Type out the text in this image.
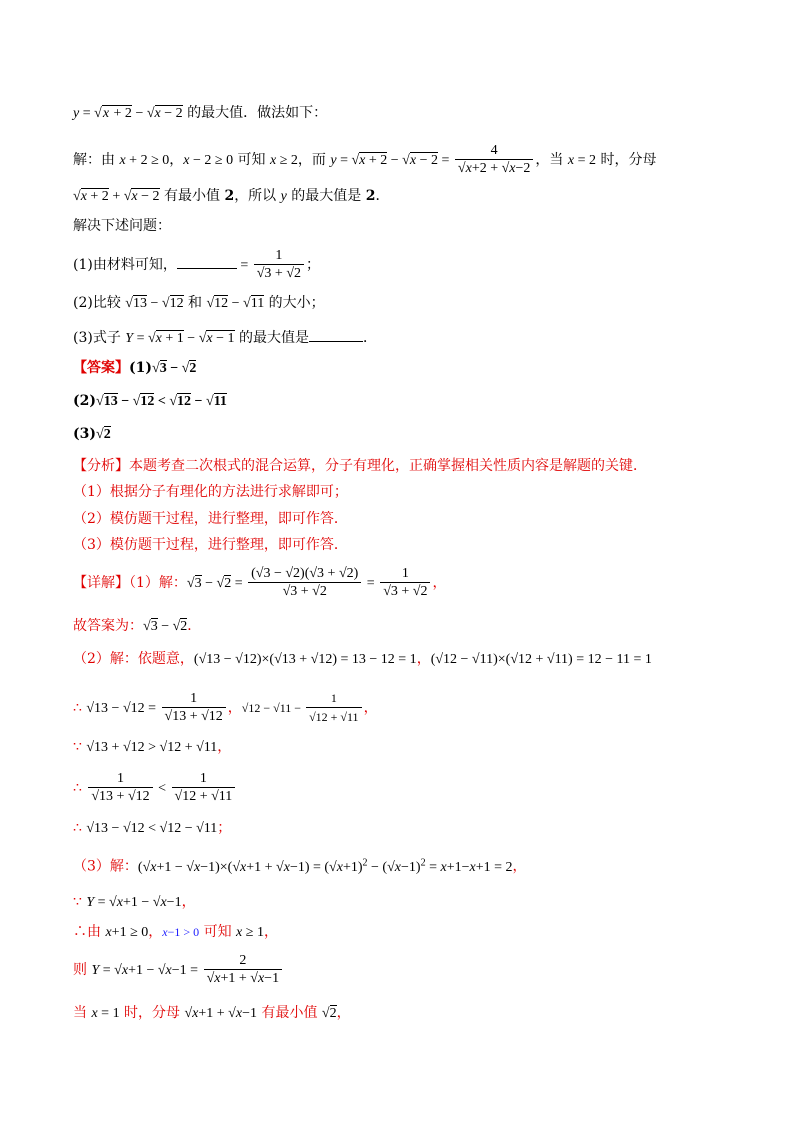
y = √x + 2 − √x − 2 的最大值．做法如下：
解：由 x + 2 ≥ 0，x − 2 ≥ 0 可知 x ≥ 2，而 $y = √x + 2 - √x - 2 = \frac{4}{√x+2 + √x-2}$ ，当 x = 2 时，分母
√x + 2 + √x − 2 有最小值 2，所以 y 的最大值是 2．
解决下述问题：
(1)由材料可知，	= $\frac{1}{√3 + √2}$ ；
(2)比较 √13 − √12 和 √12 − √11 的大小；
(3)式子 Y = √x + 1 − √x − 1 的最大值是	．
【答案】(1)√3 − √2
(2)√13 − √12 < √12 − √11
(3)√2
【分析】本题考查二次根式的混合运算，分子有理化，正确掌握相关性质内容是解题的关键．
（1）根据分子有理化的方法进行求解即可；
（2）模仿题干过程，进行整理，即可作答．
（3）模仿题干过程，进行整理，即可作答．
【详解】（1）解：$√3 - √2 = \frac{(√3 - √2)(√3 + √2)}{√3 + √2} = \frac{1}{√3 + √2}$ ，
故答案为：√3 − √2．
（2）解：依题意，(√13 − √12)×(√13 + √12) = 13 − 12 = 1，(√12 − √11)×(√12 + √11) = 12 − 11 = 1
∴ $√13 - √12 = \frac{1}{√13 + √12}$ ，$√12 - √11 - \frac{1}{√12 + √11}$ ，
∵ √13 + √12 > √12 + √11，
∴ $\frac{1}{√13 + √12} < \frac{1}{√12 + √11}$
∴ √13 − √12 < √12 − √11；
（3）解：$(√x+1 - √x-1)\times(√x+1 + √x-1) = (√x+1)^2 - (√x-1)^2 = x+1-x+1 = 2$，
∵ Y = √x+1 − √x−1，
∴由 x+1 ≥ 0，x−1 > 0 可知 x ≥ 1，
则 $Y = √x+1 - √x-1 = \frac{2}{√x+1 + √x-1}$
当 x = 1 时，分母 √x+1 + √x−1 有最小值 √2，
